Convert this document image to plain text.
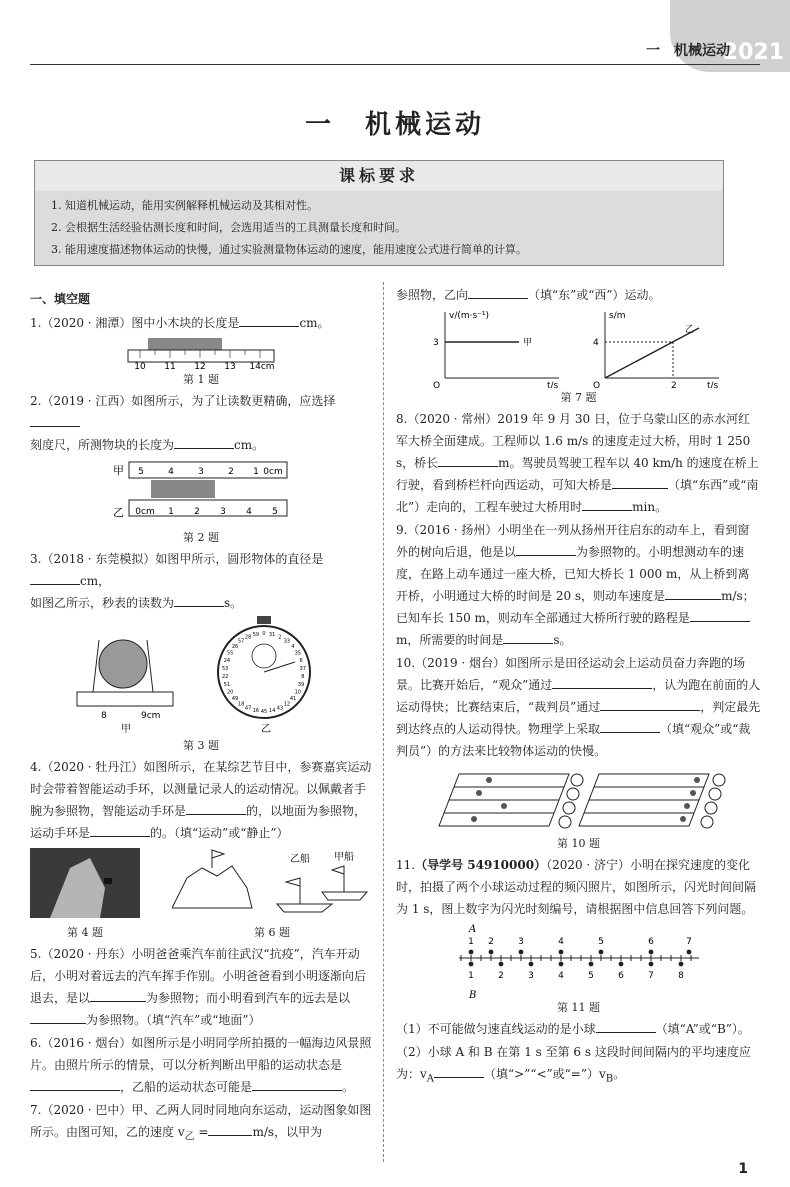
2021
一　机械运动
一　机械运动
课标要求
1. 知道机械运动，能用实例解释机械运动及其相对性。
2. 会根据生活经验估测长度和时间，会选用适当的工具测量长度和时间。
3. 能用速度描述物体运动的快慢，通过实验测量物体运动的速度，能用速度公式进行简单的计算。
一、填空题
1.（2020 · 湘潭）图中小木块的长度是	cm。
10 11 12 13 14cm
第 1 题
2.（2019 · 江西）如图所示，为了让读数更精确，应选择
刻度尺，所测物块的长度为	cm。
甲
乙
5	4	3	2 1 0cm
0cm 1 2 3 4 5
第 2 题
3.（2018 · 东莞模拟）如图甲所示，圆形物体的直径是cm，
如图乙所示，秒表的读数为	s。
8	9cm
甲
0 31 2
33
4
35
6
37
8
39
10
41
12
43
14
45
16
47
18
49
20
51
22
53
24
55
26
57
28 59
乙
第 3 题
4.（2020 · 牡丹江）如图所示，在某综艺节目中，参赛嘉宾运动时会带着智能运动手环，以测量记录人的运动情况。以佩戴者手腕为参照物，智能运动手环是	的，以地面为参照物，运动手环是	的。（填“运动”或“静止”）
第 4 题
乙船 甲船
第 6 题
5.（2020 · 丹东）小明爸爸乘汽车前往武汉“抗疫”，汽车开动后，小明对着远去的汽车挥手作别。小明爸爸看到小明逐渐向后退去，是以	为参照物；而小明看到汽车的远去是以为参照物。（填“汽车”或“地面”）
6.（2016 · 烟台）如图所示是小明同学所拍摄的一幅海边风景照片。由照片所示的情景，可以分析判断出甲船的运动状态是，乙船的运动状态可能是	。
7.（2020 · 巴中）甲、乙两人同时同地向东运动，运动图象如图所示。由图可知，乙的速度 $v_乙$ =	m/s，以甲为
参照物，乙向	（填“东”或“西”）运动。
v/(m·s⁻¹)
t/s
3	甲
O
s/m
t/s
4
2
乙
O
第 7 题
8.（2020 · 常州）2019 年 9 月 30 日，位于乌蒙山区的赤水河红军大桥全面建成。工程师以 1.6 m/s 的速度走过大桥，用时 1 250 s，桥长	m。驾驶员驾驶工程车以 40 km/h 的速度在桥上行驶，看到桥栏杆向西运动，可知大桥是	（填“东西”或“南北”）走向的，工程车驶过大桥用时	min。
9.（2016 · 扬州）小明坐在一列从扬州开往启东的动车上，看到窗外的树向后退，他是以	为参照物的。小明想测动车的速度，在路上动车通过一座大桥，已知大桥长 1 000 m，从上桥到离开桥，小明通过大桥的时间是 20 s，则动车速度是	m/s；已知车长 150 m，则动车全部通过大桥所行驶的路程是m，所需要的时间是	s。
10.（2019 · 烟台）如图所示是田径运动会上运动员奋力奔跑的场景。比赛开始后，“观众”通过	，认为跑在前面的人运动得快；比赛结束后，“裁判员”通过	，判定最先到达终点的人运动得快。物理学上采取	（填“观众”或“裁判员”）的方法来比较物体运动的快慢。
第 10 题
11.（导学号 54910000）（2020 · 济宁）小明在探究速度的变化时，拍摄了两个小球运动过程的频闪照片，如图所示，闪光时间间隔为 1 s，图上数字为闪光时刻编号，请根据图中信息回答下列问题。
A
B
1 2	3	4	5	6	7
1	2	3	4	5	6	7	8
第 11 题
（1）不可能做匀速直线运动的是小球	（填“A”或“B”）。
（2）小球 A 和 B 在第 1 s 至第 6 s 这段时间间隔内的平均速度应为：$v_A$	（填“>”“<”或“$=”)v_B$。
1
